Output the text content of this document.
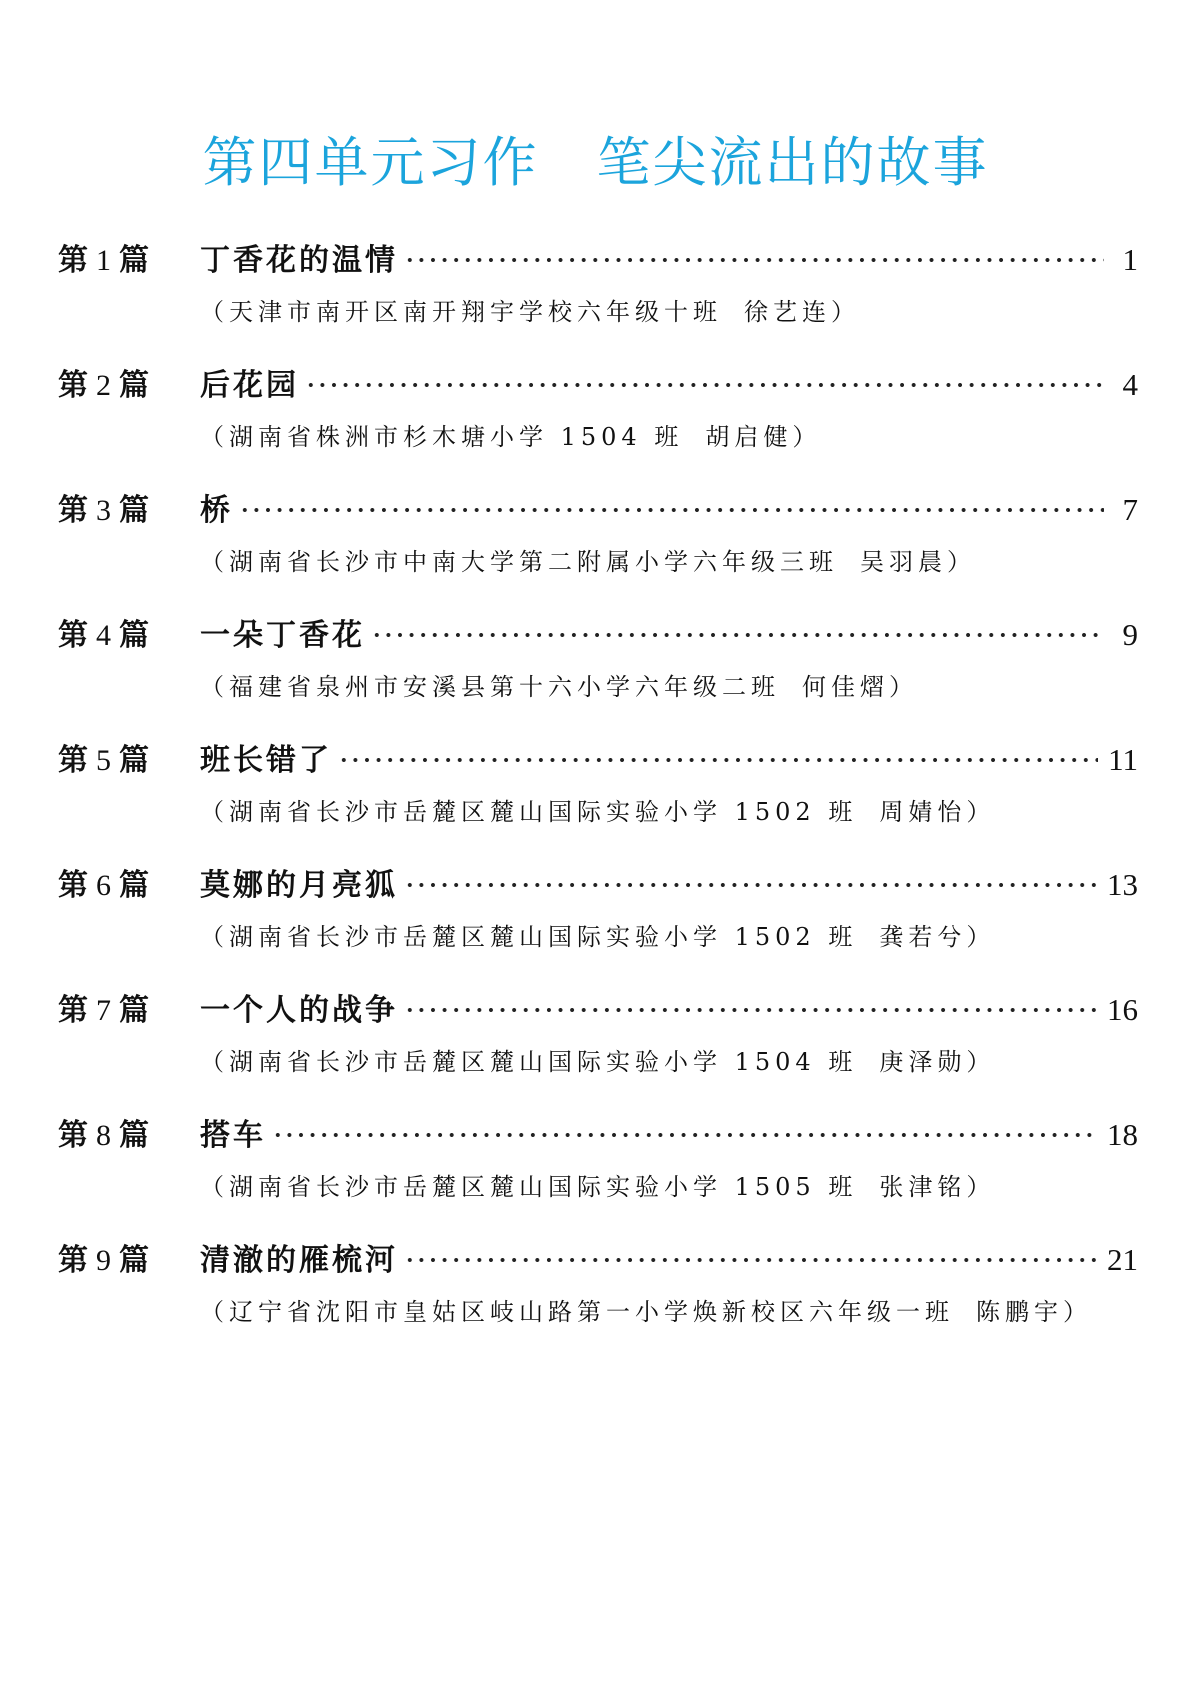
第四单元习作 笔尖流出的故事
第 1 篇	丁香花的温情	1
（天津市南开区南开翔宇学校六年级十班 徐艺连）
第 2 篇	后花园	4
（湖南省株洲市杉木塘小学 1504 班 胡启健）
第 3 篇	桥	7
（湖南省长沙市中南大学第二附属小学六年级三班 吴羽晨）
第 4 篇	一朵丁香花	9
（福建省泉州市安溪县第十六小学六年级二班 何佳熠）
第 5 篇	班长错了	11
（湖南省长沙市岳麓区麓山国际实验小学 1502 班 周婧怡）
第 6 篇	莫娜的月亮狐	13
（湖南省长沙市岳麓区麓山国际实验小学 1502 班 龚若兮）
第 7 篇	一个人的战争	16
（湖南省长沙市岳麓区麓山国际实验小学 1504 班 庚泽勋）
第 8 篇	搭车	18
（湖南省长沙市岳麓区麓山国际实验小学 1505 班 张津铭）
第 9 篇	清澈的雁梳河	21
（辽宁省沈阳市皇姑区岐山路第一小学焕新校区六年级一班 陈鹏宇）
